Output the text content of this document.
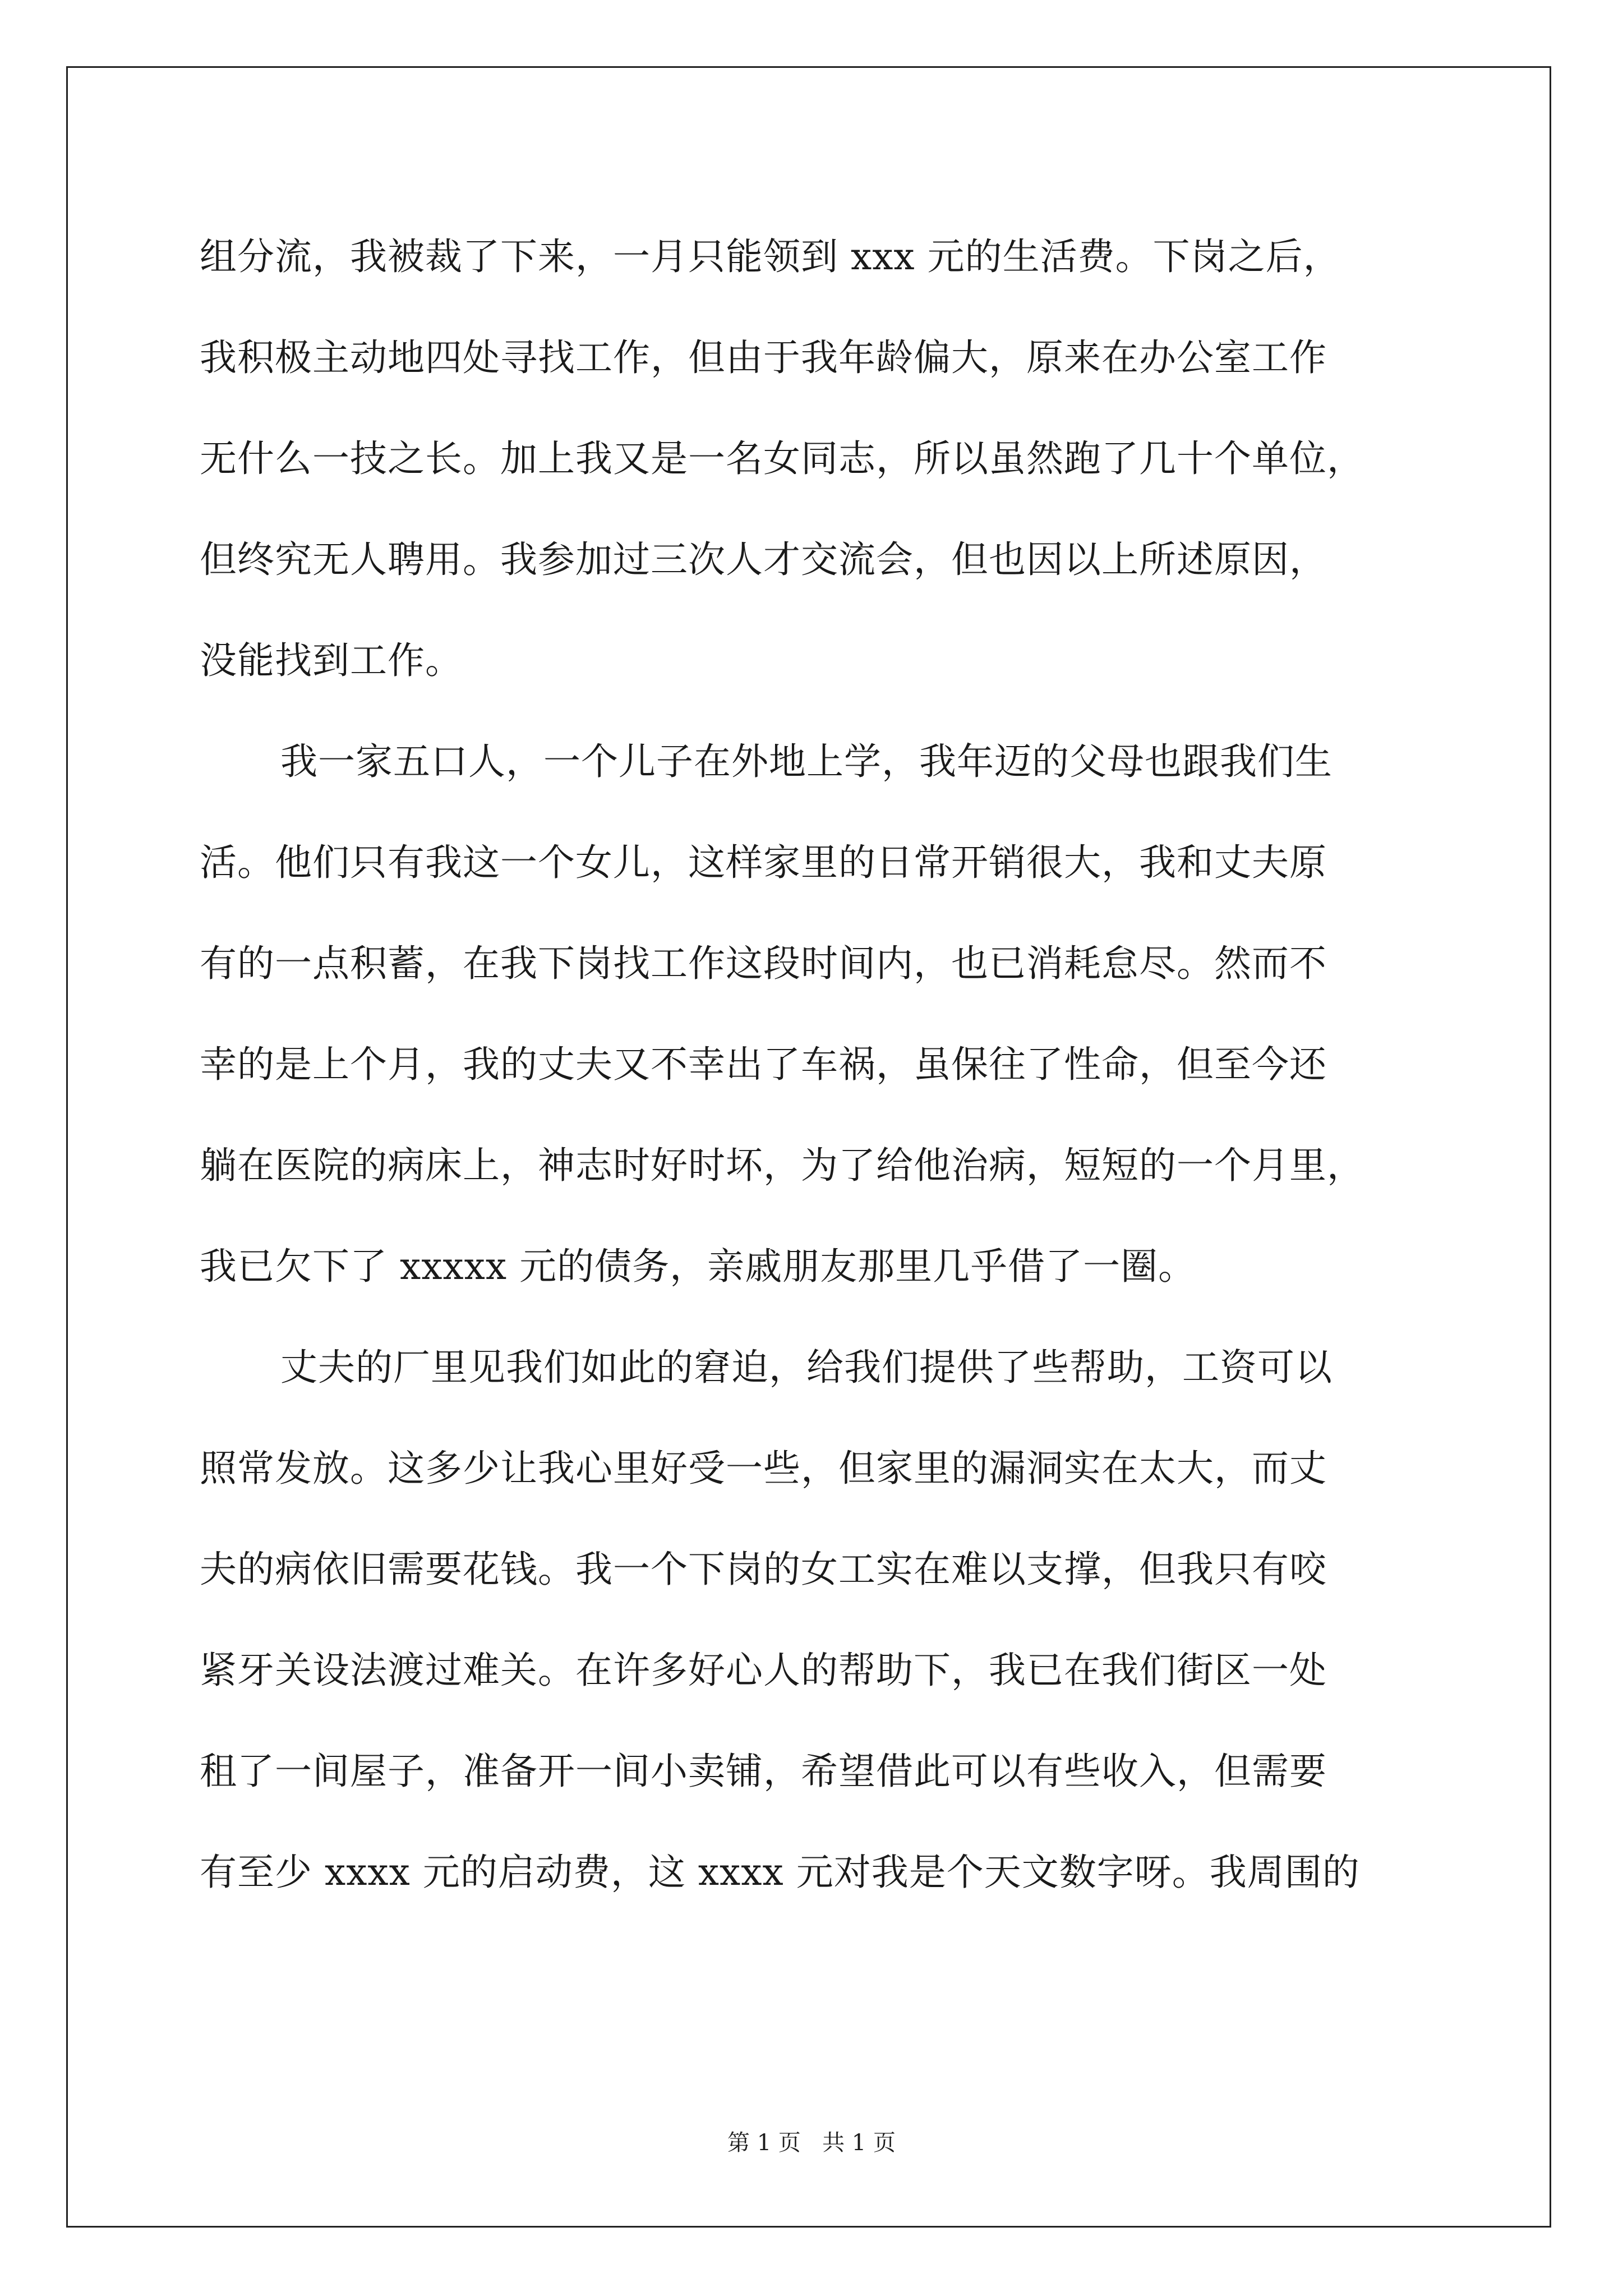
组分流，我被裁了下来，一月只能领到 xxx 元的生活费。下岗之后，
我积极主动地四处寻找工作，但由于我年龄偏大，原来在办公室工作
无什么一技之长。加上我又是一名女同志，所以虽然跑了几十个单位，
但终究无人聘用。我参加过三次人才交流会，但也因以上所述原因，
没能找到工作。
我一家五口人，一个儿子在外地上学，我年迈的父母也跟我们生
活。他们只有我这一个女儿，这样家里的日常开销很大，我和丈夫原
有的一点积蓄，在我下岗找工作这段时间内，也已消耗怠尽。然而不
幸的是上个月，我的丈夫又不幸出了车祸，虽保往了性命，但至今还
躺在医院的病床上，神志时好时坏，为了给他治病，短短的一个月里，
我已欠下了 xxxxx 元的债务，亲戚朋友那里几乎借了一圈。
丈夫的厂里见我们如此的窘迫，给我们提供了些帮助，工资可以
照常发放。这多少让我心里好受一些，但家里的漏洞实在太大，而丈
夫的病依旧需要花钱。我一个下岗的女工实在难以支撑，但我只有咬
紧牙关设法渡过难关。在许多好心人的帮助下，我已在我们街区一处
租了一间屋子，准备开一间小卖铺，希望借此可以有些收入，但需要
有至少 xxxx 元的启动费，这 xxxx 元对我是个天文数字呀。我周围的
第 1 页   共 1 页
